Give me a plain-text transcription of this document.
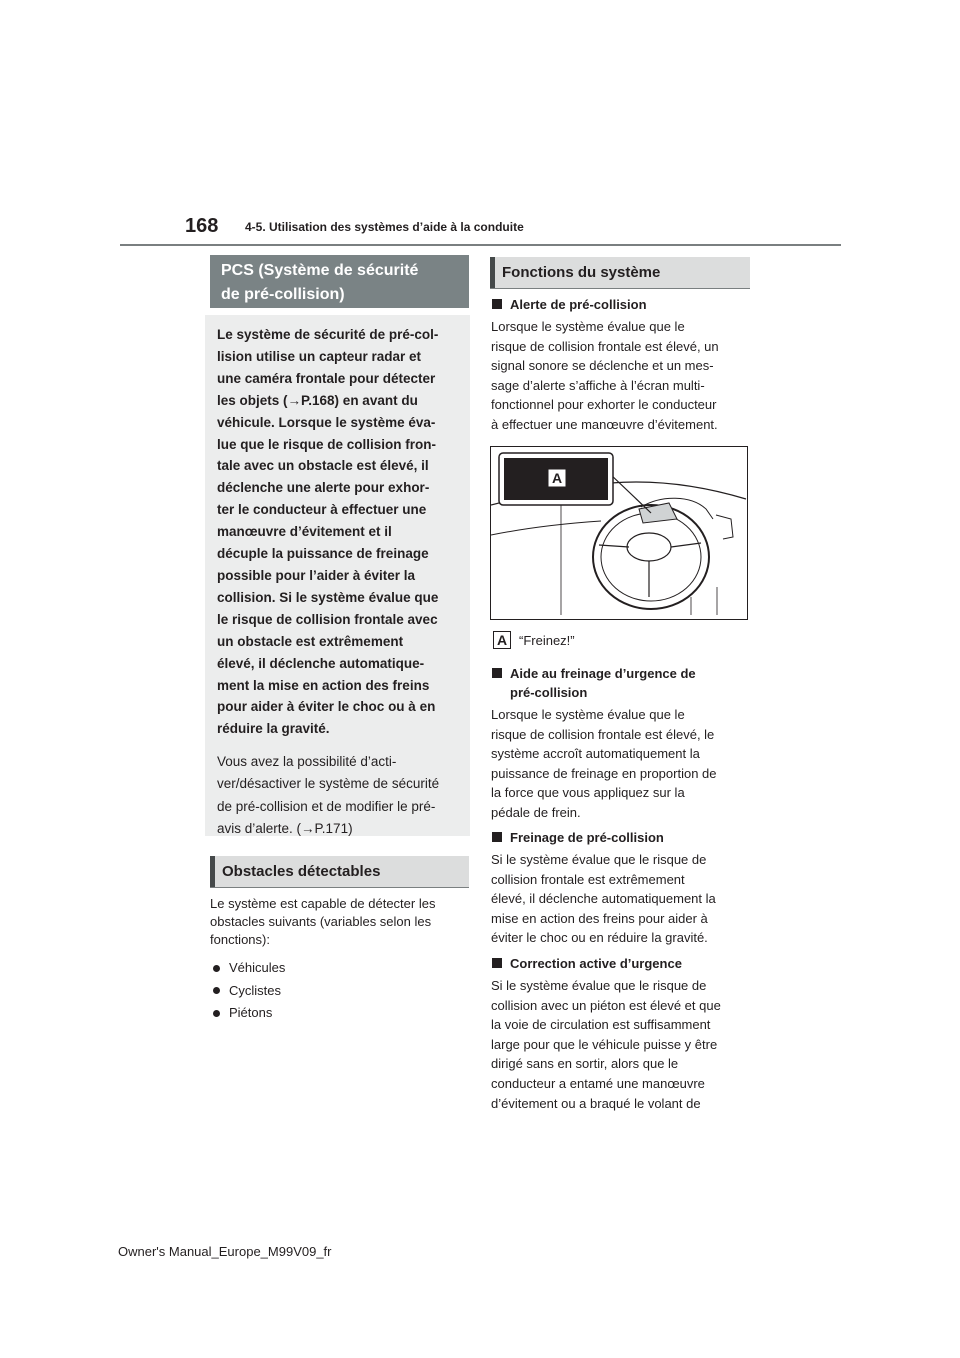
168 4-5. Utilisation des systèmes d’aide à la conduite
PCS (Système de sécurité
de pré-collision)
Le système de sécurité de pré-col-
lision utilise un capteur radar et
une caméra frontale pour détecter
les objets (→P.168) en avant du
véhicule. Lorsque le système éva-
lue que le risque de collision fron-
tale avec un obstacle est élevé, il
déclenche une alerte pour exhor-
ter le conducteur à effectuer une
manœuvre d’évitement et il
décuple la puissance de freinage
possible pour l’aider à éviter la
collision. Si le système évalue que
le risque de collision frontale avec
un obstacle est extrêmement
élevé, il déclenche automatique-
ment la mise en action des freins
pour aider à éviter le choc ou à en
réduire la gravité.
Vous avez la possibilité d’acti-
ver/désactiver le système de sécurité
de pré-collision et de modifier le pré-
avis d’alerte. (→P.171)
Obstacles détectables
Le système est capable de détecter les obstacles suivants (variables selon les fonctions):
Véhicules
Cyclistes
Piétons
Fonctions du système
Alerte de pré-collision
Lorsque le système évalue que le
risque de collision frontale est élevé, un
signal sonore se déclenche et un mes-
sage d’alerte s’affiche à l’écran multi-
fonctionnel pour exhorter le conducteur
à effectuer une manœuvre d’évitement.
A
A “Freinez!”
Aide au freinage d’urgence de
pré-collision
Lorsque le système évalue que le
risque de collision frontale est élevé, le
système accroît automatiquement la
puissance de freinage en proportion de
la force que vous appliquez sur la
pédale de frein.
Freinage de pré-collision
Si le système évalue que le risque de
collision frontale est extrêmement
élevé, il déclenche automatiquement la
mise en action des freins pour aider à
éviter le choc ou en réduire la gravité.
Correction active d’urgence
Si le système évalue que le risque de
collision avec un piéton est élevé et que
la voie de circulation est suffisamment
large pour que le véhicule puisse y être
dirigé sans en sortir, alors que le
conducteur a entamé une manœuvre
d’évitement ou a braqué le volant de
Owner's Manual_Europe_M99V09_fr
